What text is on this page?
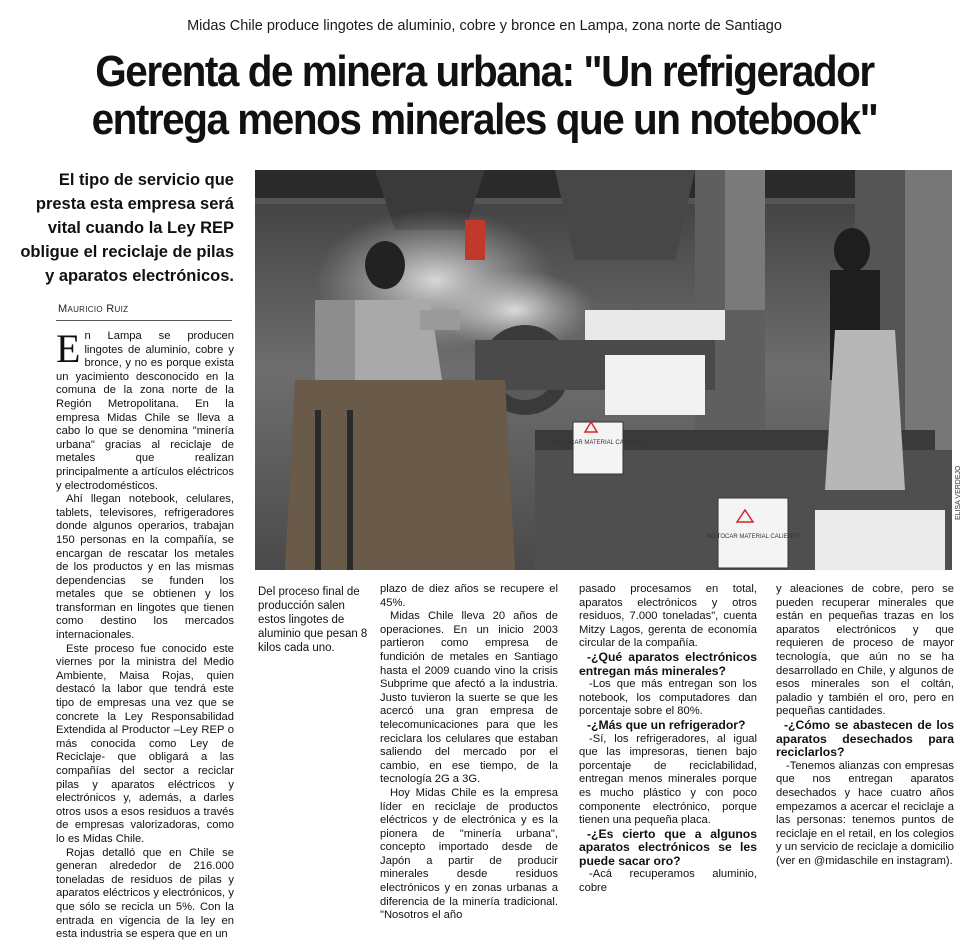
Midas Chile produce lingotes de aluminio, cobre y bronce en Lampa, zona norte de Santiago
Gerenta de minera urbana: "Un refrigerador
entrega menos minerales que un notebook"
El tipo de servicio que
presta esta empresa será
vital cuando la Ley REP
obligue el reciclaje de pilas
y aparatos electrónicos.
Mauricio Ruiz
NO TOCAR MATERIAL CALIENTE
NO TOCAR MATERIAL CALIENTE
ELISA VERDEJO

En Lampa se producen lingotes de aluminio, cobre y bronce, y no es porque exista un yacimiento desconocido en la comuna de la zona norte de la Región Metropolitana. En la empresa Midas Chile se lleva a cabo lo que se denomina "minería urbana" gracias al reciclaje de metales que realizan principalmente a artículos eléctricos y electrodomésticos.

Ahí llegan notebook, celulares, tablets, televisores, refrigeradores donde algunos operarios, trabajan 150 personas en la compañía, se encargan de rescatar los metales de los productos y en las mismas dependencias se funden los metales que se obtienen y los transforman en lingotes que tienen como destino los mercados internacionales.

Este proceso fue conocido este viernes por la ministra del Medio Ambiente, Maisa Rojas, quien destacó la labor que tendrá este tipo de empresas una vez que se concrete la Ley Responsabilidad Extendida al Productor –Ley REP o más conocida como Ley de Reciclaje- que obligará a las compañías del sector a reciclar pilas y aparatos eléctricos y electrónicos y, además, a darles otros usos a esos residuos a través de empresas valorizadoras, como lo es Midas Chile.

Rojas detalló que en Chile se generan alrededor de 216.000 toneladas de residuos de pilas y aparatos eléctricos y electrónicos, y que sólo se recicla un 5%. Con la entrada en vigencia de la ley en esta industria se espera que en un

Del proceso final de producción salen estos lingotes de aluminio que pesan 8 kilos cada uno.

plazo de diez años se recupere el 45%.

Midas Chile lleva 20 años de operaciones. En un inicio 2003 partieron como empresa de fundición de metales en Santiago hasta el 2009 cuando vino la crisis Subprime que afectó a la industria. Justo tuvieron la suerte se que les acercó una gran empresa de telecomunicaciones para que les reciclara los celulares que estaban saliendo del mercado por el cambio, en ese tiempo, de la tecnología 2G a 3G.

Hoy Midas Chile es la empresa líder en reciclaje de productos eléctricos y de electrónica y es la pionera de "minería urbana", concepto importado desde de Japón a partir de producir minerales desde residuos electrónicos y en zonas urbanas a diferencia de la minería tradicional. "Nosotros el año

pasado procesamos en total, aparatos electrónicos y otros residuos, 7.000 toneladas", cuenta Mitzy Lagos, gerenta de economía circular de la compañía.

-¿Qué aparatos electrónicos entregan más minerales?

-Los que más entregan son los notebook, los computadores dan porcentaje sobre el 80%.

-¿Más que un refrigerador?

-Sí, los refrigeradores, al igual que las impresoras, tienen bajo porcentaje de reciclabilidad, entregan menos minerales porque es mucho plástico y con poco componente electrónico, porque tienen una pequeña placa.

-¿Es cierto que a algunos aparatos electrónicos se les puede sacar oro?

-Acá recuperamos aluminio, cobre

y aleaciones de cobre, pero se pueden recuperar minerales que están en pequeñas trazas en los aparatos electrónicos y que requieren de proceso de mayor tecnología, que aún no se ha desarrollado en Chile, y algunos de esos minerales son el coltán, paladio y también el oro, pero en pequeñas cantidades.

-¿Cómo se abastecen de los aparatos desechados para reciclarlos?

-Tenemos alianzas con empresas que nos entregan aparatos desechados y hace cuatro años empezamos a acercar el reciclaje a las personas: tenemos puntos de reciclaje en el retail, en los colegios y un servicio de reciclaje a domicilio (ver en @midaschile en instagram).
